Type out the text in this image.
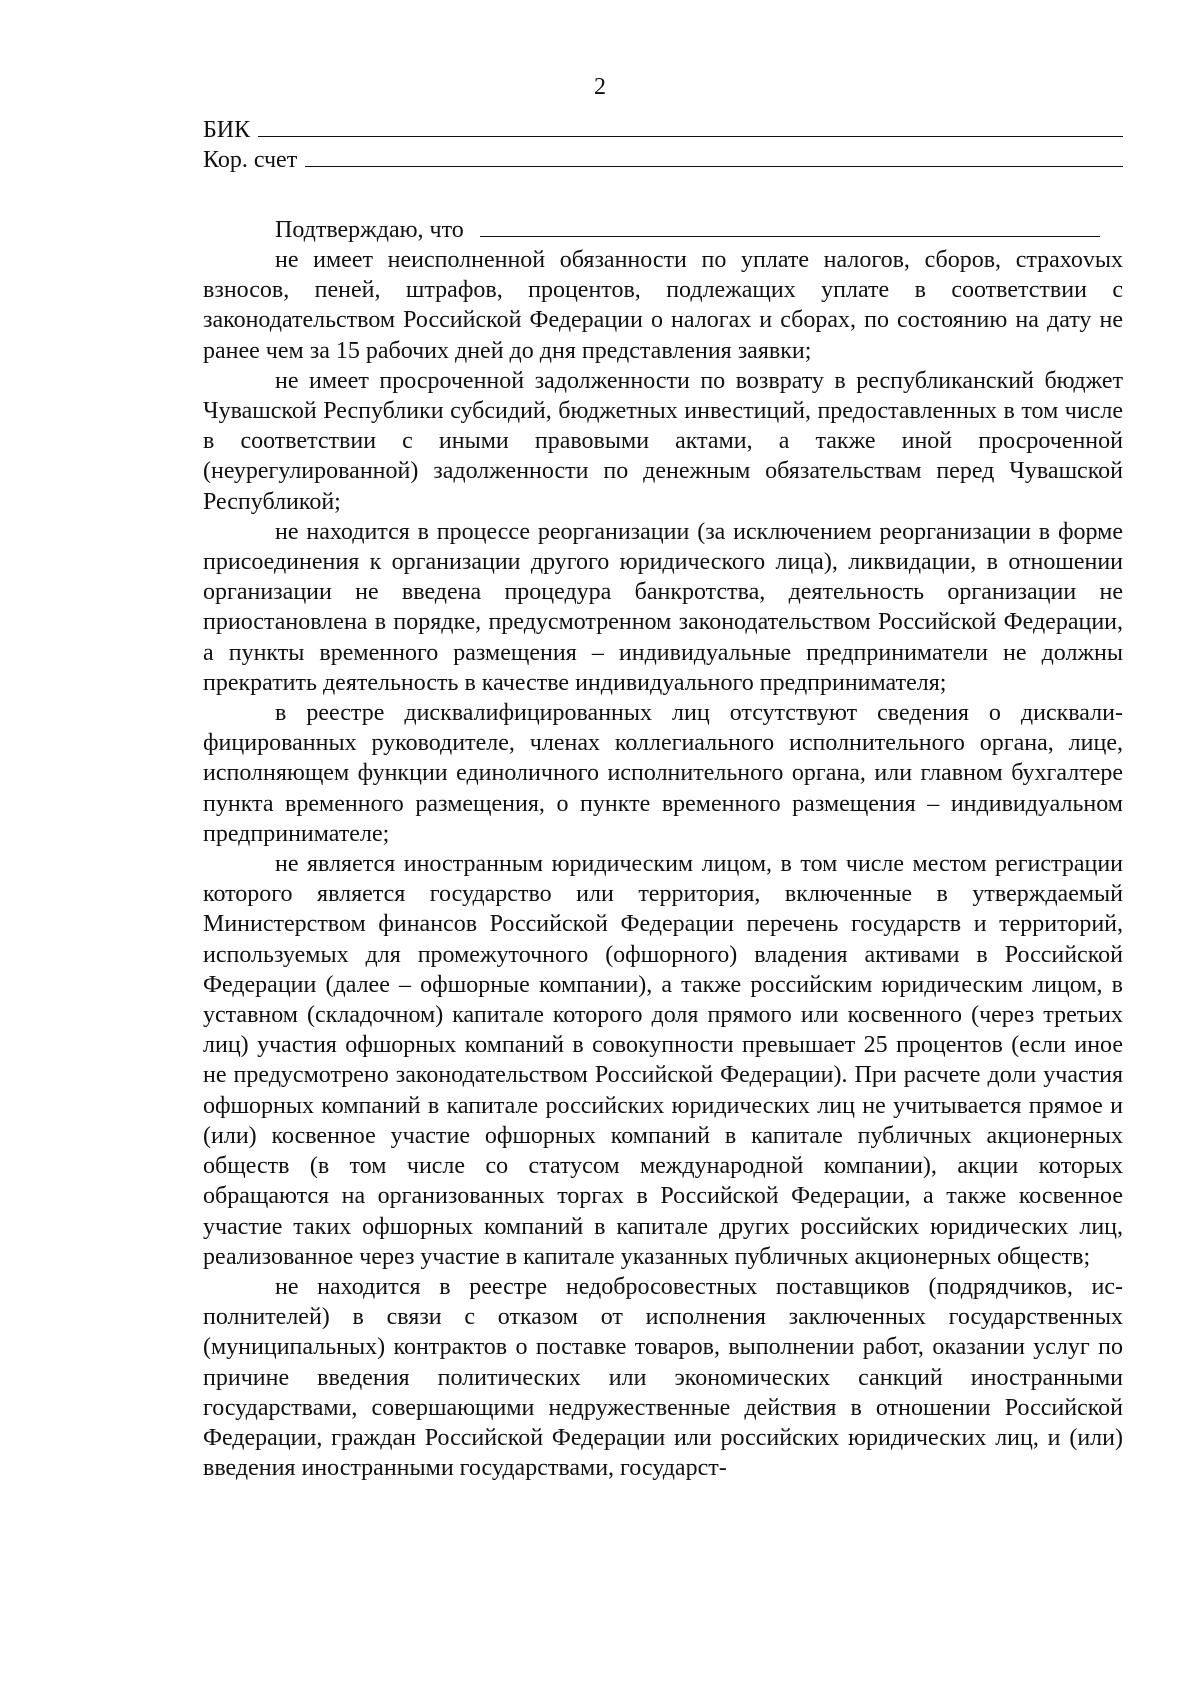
2
БИК
Кор. счет
Подтверждаю, что

не имеет неисполненной обязанности по уплате налогов, сборов, страхоvых взносов, пеней, штрафов, процентов, подлежащих уплате в соответствии с законодательством Российской Федерации о налогах и сборах, по состоянию на дату не ранее чем за 15 рабочих дней до дня представления заявки;

не имеет просроченной задолженности по возврату в республиканский бюджет Чувашской Республики субсидий, бюджетных инвестиций, предоставленных в том числе в соответствии с иными правовыми актами, а также иной просроченной (неурегулированной) задолженности по денежным обязательствам перед Чувашской Республикой;

не находится в процессе реорганизации (за исключением реорганизации в форме присоединения к организации другого юридического лица), ликвидации, в отношении организации не введена процедура банкротства, деятельность организации не приостановлена в порядке, предусмотренном законодательством Российской Федерации, а пункты временного размещения – индивидуальные предприниматели не должны прекратить деятельность в качестве индивидуального предпринимателя;

в реестре дисквалифицированных лиц отсутствуют сведения о дисквалифицированных руководителе, членах коллегиального исполнительного органа, лице, исполняющем функции единоличного исполнительного органа, или главном бухгалтере пункта временного размещения, о пункте временного размещения – индивидуальном предпринимателе;

не является иностранным юридическим лицом, в том числе местом регистрации которого является государство или территория, включенные в утверждаемый Министерством финансов Российской Федерации перечень государств и территорий, используемых для промежуточного (офшорного) владения активами в Российской Федерации (далее – офшорные компании), а также российским юридическим лицом, в уставном (складочном) капитале которого доля прямого или косвенного (через третьих лиц) участия офшорных компаний в совокупности превышает 25 процентов (если иное не предусмотрено законодательством Российской Федерации). При расчете доли участия офшорных компаний в капитале российских юридических лиц не учитывается прямое и (или) косвенное участие офшорных компаний в капитале публичных акционерных обществ (в том числе со статусом международной компании), акции которых обращаются на организованных торгах в Российской Федерации, а также косвенное участие таких офшорных компаний в капитале других российских юридических лиц, реализованное через участие в капитале указанных публичных акционерных обществ;

не находится в реестре недобросовестных поставщиков (подрядчиков, исполнителей) в связи с отказом от исполнения заключенных государственных (муниципальных) контрактов о поставке товаров, выполнении работ, оказании услуг по причине введения политических или экономических санкций иностранными государствами, совершающими недружественные действия в отношении Российской Федерации, граждан Российской Федерации или российских юридических лиц, и (или) введения иностранными государствами, государст-
